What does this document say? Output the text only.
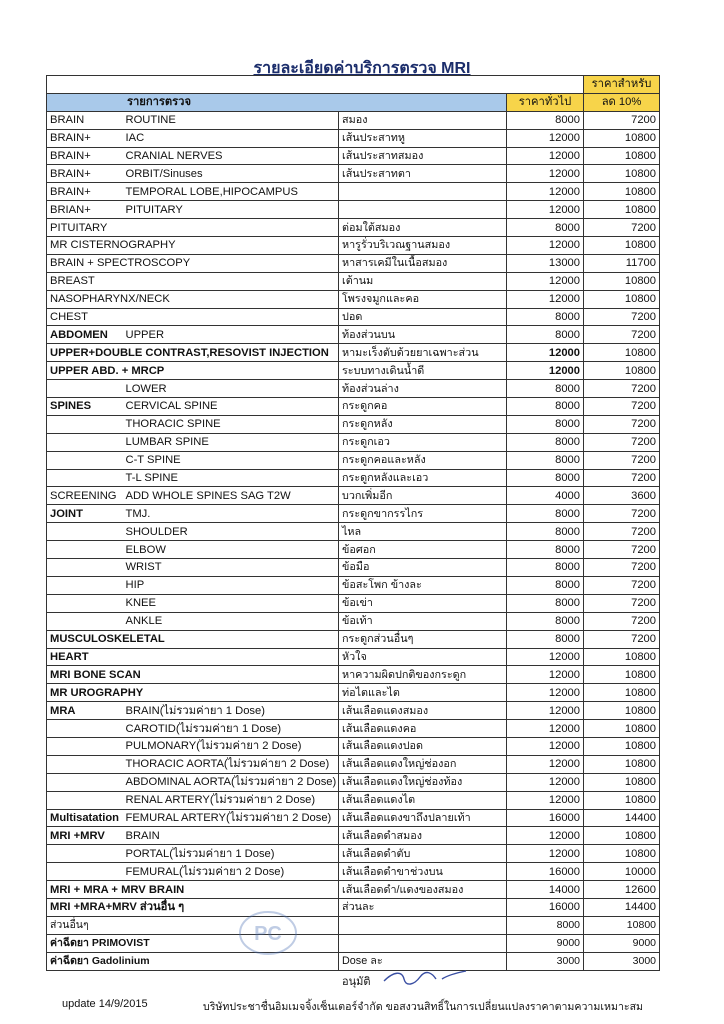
รายละเอียดค่าบริการตรวจ MRI
				ราคาสำหรับ
รายการตรวจ			ราคาทั่วไป	ลด 10%
BRAIN	ROUTINE	สมอง	8000	7200
BRAIN+	IAC	เส้นประสาทหู	12000	10800
BRAIN+	CRANIAL NERVES	เส้นประสาทสมอง	12000	10800
BRAIN+	ORBIT/Sinuses	เส้นประสาทตา	12000	10800
BRAIN+	TEMPORAL LOBE,HIPOCAMPUS		12000	10800
BRIAN+	PITUITARY		12000	10800
PITUITARY		ต่อมใต้สมอง	8000	7200
MR CISTERNOGRAPHY		หารูรั่วบริเวณฐานสมอง	12000	10800
BRAIN + SPECTROSCOPY		หาสารเคมีในเนื้อสมอง	13000	11700
BREAST		เต้านม	12000	10800
NASOPHARYNX/NECK		โพรงจมูกและคอ	12000	10800
CHEST		ปอด	8000	7200
ABDOMEN	UPPER	ท้องส่วนบน	8000	7200
UPPER+DOUBLE CONTRAST,RESOVIST INJECTION		หามะเร็งตับด้วยยาเฉพาะส่วน	12000	10800
UPPER ABD. + MRCP		ระบบทางเดินน้ำดี	12000	10800
	LOWER	ท้องส่วนล่าง	8000	7200
SPINES	CERVICAL SPINE	กระดูกคอ	8000	7200
	THORACIC SPINE	กระดูกหลัง	8000	7200
	LUMBAR SPINE	กระดูกเอว	8000	7200
	C-T SPINE	กระดูกคอและหลัง	8000	7200
	T-L SPINE	กระดูกหลังและเอว	8000	7200
SCREENING	ADD WHOLE SPINES SAG T2W	บวกเพิ่มอีก	4000	3600
JOINT	TMJ.	กระดูกขากรรไกร	8000	7200
	SHOULDER	ไหล	8000	7200
	ELBOW	ข้อศอก	8000	7200
	WRIST	ข้อมือ	8000	7200
	HIP	ข้อสะโพก ข้างละ	8000	7200
	KNEE	ข้อเข่า	8000	7200
	ANKLE	ข้อเท้า	8000	7200
MUSCULOSKELETAL		กระดูกส่วนอื่นๆ	8000	7200
HEART		หัวใจ	12000	10800
MRI BONE SCAN		หาความผิดปกติของกระดูก	12000	10800
MR UROGRAPHY		ท่อไตและไต	12000	10800
MRA	BRAIN(ไม่รวมค่ายา 1 Dose)	เส้นเลือดแดงสมอง	12000	10800
	CAROTID(ไม่รวมค่ายา 1 Dose)	เส้นเลือดแดงคอ	12000	10800
	PULMONARY(ไม่รวมค่ายา 2 Dose)	เส้นเลือดแดงปอด	12000	10800
	THORACIC AORTA(ไม่รวมค่ายา 2 Dose)	เส้นเลือดแดงใหญ่ช่องอก	12000	10800
	ABDOMINAL AORTA(ไม่รวมค่ายา 2 Dose)	เส้นเลือดแดงใหญ่ช่องท้อง	12000	10800
	RENAL ARTERY(ไม่รวมค่ายา 2 Dose)	เส้นเลือดแดงไต	12000	10800
Multisatation	FEMURAL ARTERY(ไม่รวมค่ายา 2 Dose)	เส้นเลือดแดงขาถึงปลายเท้า	16000	14400
MRI +MRV	BRAIN	เส้นเลือดดำสมอง	12000	10800
	PORTAL(ไม่รวมค่ายา 1 Dose)	เส้นเลือดดำตับ	12000	10800
	FEMURAL(ไม่รวมค่ายา 2 Dose)	เส้นเลือดดำขาช่วงบน	16000	10000
MRI + MRA + MRV BRAIN		เส้นเลือดดำ/แดงของสมอง	14000	12600
MRI +MRA+MRV ส่วนอื่น ๆ		ส่วนละ	16000	14400
ส่วนอื่นๆ			8000	10800
ค่าฉีดยา PRIMOVIST			9000	9000
ค่าฉีดยา Gadolinium		Dose ละ	3000	3000
PC
อนุมัติ
update 14/9/2015	บริษัทประชาชื่นอิมเมจจิ้งเซ็นเตอร์จำกัด ขอสงวนสิทธิ์ในการเปลี่ยนแปลงราคาตามความเหมาะสม
